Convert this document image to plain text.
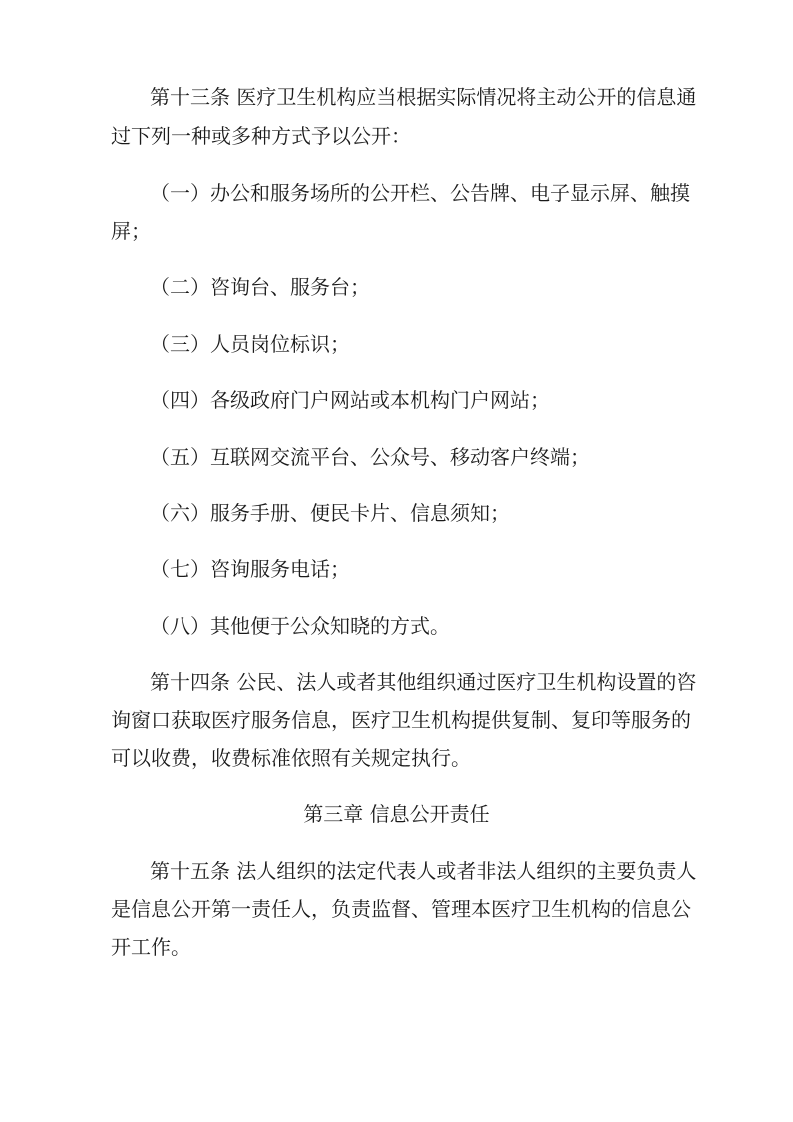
第十三条 医疗卫生机构应当根据实际情况将主动公开的信息通
过下列一种或多种方式予以公开：
（一）办公和服务场所的公开栏、公告牌、电子显示屏、触摸
屏；
（二）咨询台、服务台；
（三）人员岗位标识；
（四）各级政府门户网站或本机构门户网站；
（五）互联网交流平台、公众号、移动客户终端；
（六）服务手册、便民卡片、信息须知；
（七）咨询服务电话；
（八）其他便于公众知晓的方式。
第十四条 公民、法人或者其他组织通过医疗卫生机构设置的咨
询窗口获取医疗服务信息，医疗卫生机构提供复制、复印等服务的
可以收费，收费标准依照有关规定执行。
第三章 信息公开责任
第十五条 法人组织的法定代表人或者非法人组织的主要负责人
是信息公开第一责任人，负责监督、管理本医疗卫生机构的信息公
开工作。
